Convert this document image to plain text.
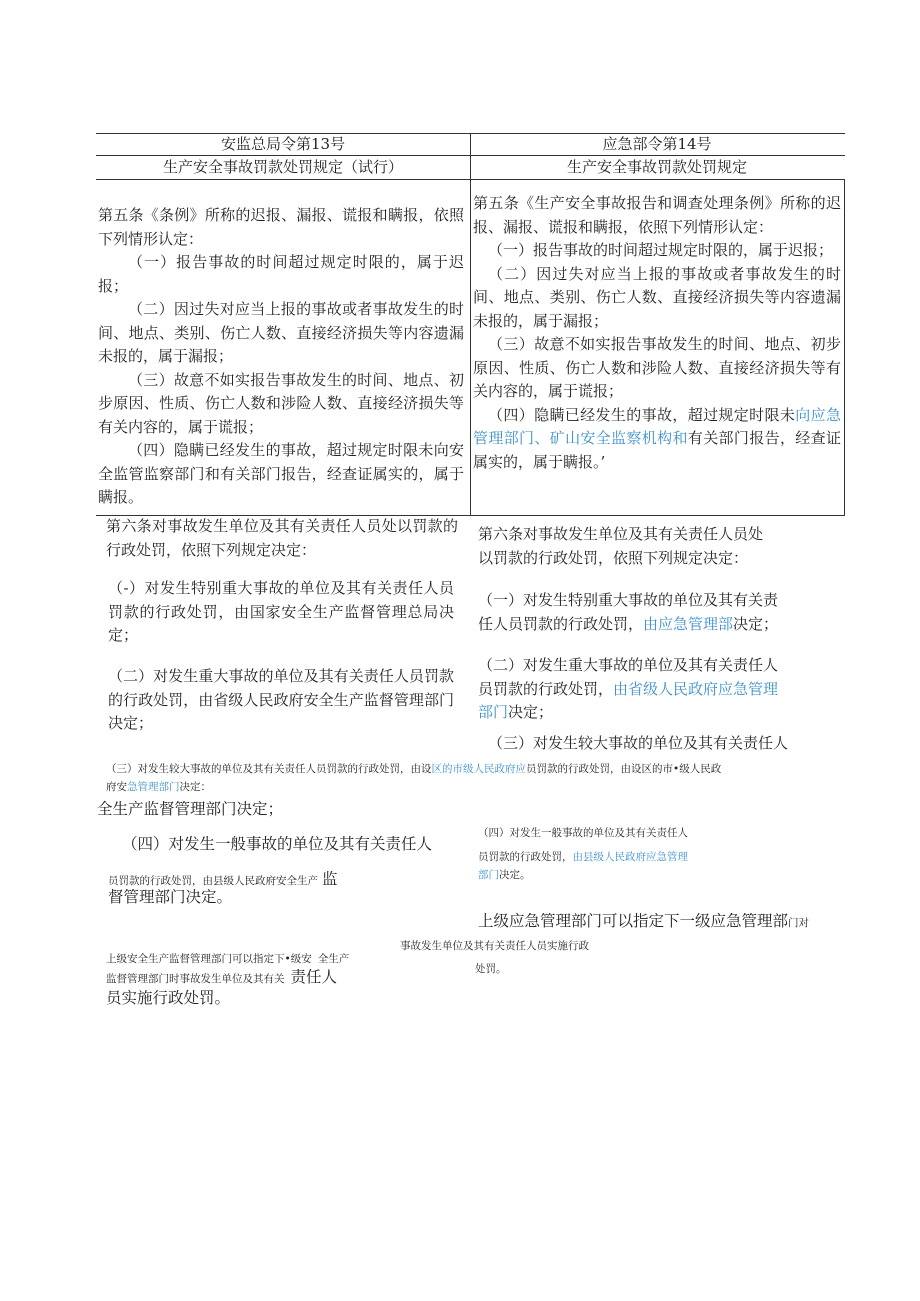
安监总局令第13号	应急部令第14号
生产安全事故罚款处罚规定（试行）	生产安全事故罚款处罚规定

第五条《条例》所称的迟报、漏报、谎报和瞒报，依照下列情形认定：

（一）报告事故的时间超过规定时限的，属于迟报；

（二）因过失对应当上报的事故或者事故发生的时间、地点、类别、伤亡人数、直接经济损失等内容遗漏未报的，属于漏报；

（三）故意不如实报告事故发生的时间、地点、初步原因、性质、伤亡人数和涉险人数、直接经济损失等有关内容的，属于谎报；

（四）隐瞒已经发生的事故，超过规定时限未向安全监管监察部门和有关部门报告，经查证属实的，属于瞒报。

第五条《生产安全事故报告和调查处理条例》所称的迟报、漏报、谎报和瞒报，依照下列情形认定：

（一）报告事故的时间超过规定时限的，属于迟报；

（二）因过失对应当上报的事故或者事故发生的时间、地点、类别、伤亡人数、直接经济损失等内容遗漏未报的，属于漏报；

（三）故意不如实报告事故发生的时间、地点、初步原因、性质、伤亡人数和涉险人数、直接经济损失等有关内容的，属于谎报；

（四）隐瞒已经发生的事故，超过规定时限未向应急管理部门、矿山安全监察机构和有关部门报告，经查证属实的，属于瞒报。’

第六条对事故发生单位及其有关责任人员处以罚款的行政处罚，依照下列规定决定：
（-）对发生特别重大事故的单位及其有关责任人员罚款的行政处罚，由国家安全生产监督管理总局决定；
（二）对发生重大事故的单位及其有关责任人员罚款的行政处罚，由省级人民政府安全生产监督管理部门决定；

第六条对事故发生单位及其有关责任人员处

以罚款的行政处罚，依照下列规定决定：

（一）对发生特别重大事故的单位及其有关责

任人员罚款的行政处罚，由应急管理部决定；

（二）对发生重大事故的单位及其有关责任人

员罚款的行政处罚，由省级人民政府应急管理

部门决定；

（三）对发生较大事故的单位及其有关责任人
（三）对发生较大事故的单位及其有关责任人员罚款的行政处罚，由设区的市级人民政府应员罚款的行政处罚，由设区的市•级人民政
府安急管理部门决定：
全生产监督管理部门决定；
（四）对发生一般事故的单位及其有关责任人
员罚款的行政处罚，由县级人民政府安全生产 监
督管理部门决定。
（四）对发生一般事故的单位及其有关责任人
员罚款的行政处罚，由县级人民政府应急管理
部门决定。
上级应急管理部门可以指定下一级应急管理部门对
事故发生单位及其有关责任人员实施行政
处罚。
上级安全生产监督管理部门可以指定下•级安 全生产
监督管理部门时事故发生单位及其有关 责任人
员实施行政处罚。
